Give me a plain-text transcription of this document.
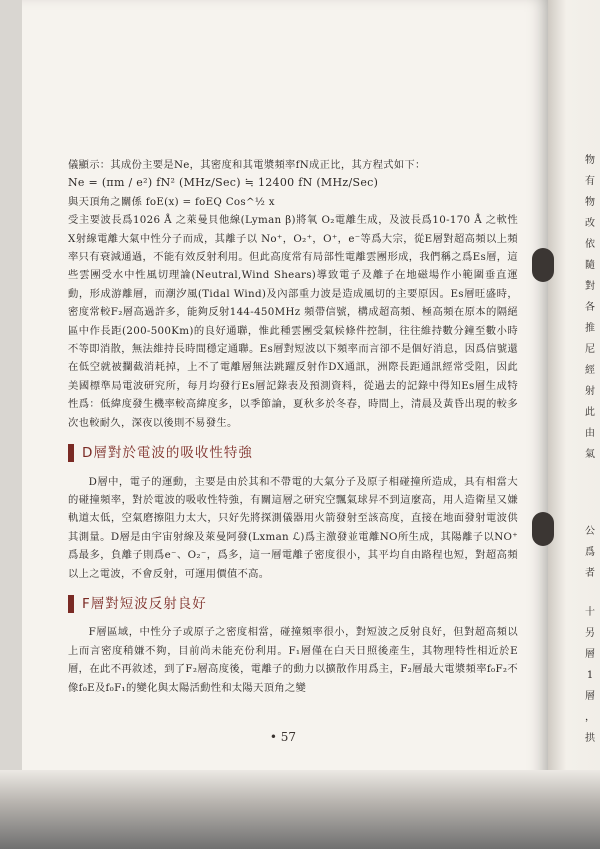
儀顯示：其成份主要是Ne，其密度和其電漿頻率fN成正比，其方程式如下：

Ne = (πm / e²) fN² (MHz/Sec) ≒ 12400 fN (MHz/Sec)

與天頂角之關係 foE(x) = foEQ Cos^½ x

受主要波長爲1026 Å 之萊曼貝他線(Lyman β)將氧 O₂電離生成，及波長爲10-170 Å 之軟性X射線電離大氣中性分子而成，其離子以 No⁺，O₂⁺，O⁺，e⁻等爲大宗，從E層對超高頻以上頻率只有衰減通過，不能有效反射利用。但此高度常有局部性電離雲團形成，我們稱之爲Es層，這些雲團受水中性風切理論(Neutral,Wind Shears)導致電子及離子在地磁場作小範圍垂直運動，形成游離層，而潮汐風(Tidal Wind)及內部重力波是造成風切的主要原因。Es層旺盛時，密度常較F₂層高過許多，能夠反射144-450MHz 頻帶信號，構成超高頻、極高頻在原本的隔絕區中作長距(200-500Km)的良好通聯，惟此種雲團受氣候條件控制，往往維持數分鐘至數小時不等即消散，無法維持長時間穩定通聯。Es層對短波以下頻率而言卻不是個好消息，因爲信號還在低空就被攔截消耗掉，上不了電離層無法跳躍反射作DX通訊，洲際長距通訊經常受阻，因此美國標準局電波研究所，每月均發行Es層記錄表及預測資料，從過去的記錄中得知Es層生成特性爲：低緯度發生機率較高緯度多，以季節論，夏秋多於冬春，時間上，清晨及黃昏出現的較多次也較耐久，深夜以後則不易發生。

D層對於電波的吸收性特強

D層中，電子的運動，主要是由於其和不帶電的大氣分子及原子相碰撞所造成，具有相當大的碰撞頻率，對於電波的吸收性特強，有關這層之研究空飄氣球昇不到這麼高，用人造衛星又嫌軌道太低，空氣磨擦阻力太大，只好先將探測儀器用火箭發射至該高度，直接在地面發射電波供其測量。D層是由宇宙射線及萊曼阿發(Lxman ℒ)爲主激發並電離NO所生成，其陽離子以NO⁺爲最多，負離子則爲e⁻、O₂⁻，爲多，這一層電離子密度很小，其平均自由路程也短，對超高頻以上之電波，不會反射，可運用價值不高。

F層對短波反射良好

F層區域，中性分子或原子之密度相當，碰撞頻率很小，對短波之反射良好，但對超高頻以上而言密度稍嫌不夠，目前尚未能充份利用。F₁層僅在白天日照後產生，其物理特性相近於E層，在此不再敘述，到了F₂層高度後，電離子的動力以擴散作用爲主，F₂層最大電漿頻率f₀F₂不像f₀E及f₀F₁的變化與太陽活動性和太陽天頂角之變

• 57
物
有
物
改
依
隨
對
各
推
尼
經
射
此
由
氣
公
爲
者
十
另
層
1
層
，
拱
